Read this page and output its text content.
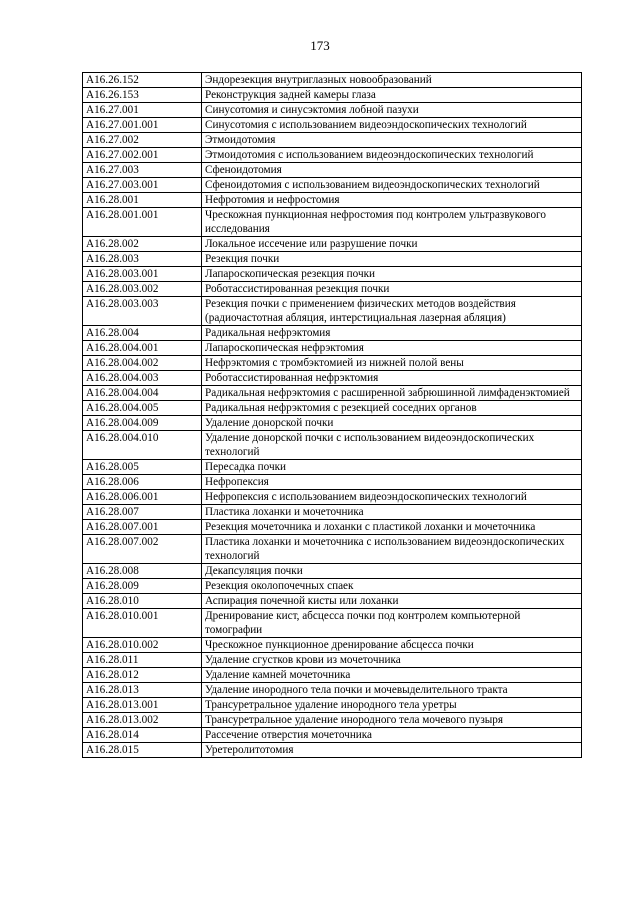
173
A16.26.152	Эндорезекция внутриглазных новообразований
A16.26.153	Реконструкция задней камеры глаза
A16.27.001	Синусотомия и синусэктомия лобной пазухи
A16.27.001.001	Синусотомия с использованием видеоэндоскопических технологий
A16.27.002	Этмоидотомия
A16.27.002.001	Этмоидотомия с использованием видеоэндоскопических технологий
A16.27.003	Сфеноидотомия
A16.27.003.001	Сфеноидотомия с использованием видеоэндоскопических технологий
A16.28.001	Нефротомия и нефростомия
A16.28.001.001	Чрескожная пункционная нефростомия под контролем ультразвукового исследования
A16.28.002	Локальное иссечение или разрушение почки
A16.28.003	Резекция почки
A16.28.003.001	Лапароскопическая резекция почки
A16.28.003.002	Роботассистированная резекция почки
A16.28.003.003	Резекция почки с применением физических методов воздействия (радиочастотная абляция, интерстициальная лазерная абляция)
A16.28.004	Радикальная нефрэктомия
A16.28.004.001	Лапароскопическая нефрэктомия
A16.28.004.002	Нефрэктомия с тромбэктомией из нижней полой вены
A16.28.004.003	Роботассистированная нефрэктомия
A16.28.004.004	Радикальная нефрэктомия с расширенной забрюшинной лимфаденэктомией
A16.28.004.005	Радикальная нефрэктомия с резекцией соседних органов
A16.28.004.009	Удаление донорской почки
A16.28.004.010	Удаление донорской почки с использованием видеоэндоскопических технологий
A16.28.005	Пересадка почки
A16.28.006	Нефропексия
A16.28.006.001	Нефропексия с использованием видеоэндоскопических технологий
A16.28.007	Пластика лоханки и мочеточника
A16.28.007.001	Резекция мочеточника и лоханки с пластикой лоханки и мочеточника
A16.28.007.002	Пластика лоханки и мочеточника с использованием видеоэндоскопических технологий
A16.28.008	Декапсуляция почки
A16.28.009	Резекция околопочечных спаек
A16.28.010	Аспирация почечной кисты или лоханки
A16.28.010.001	Дренирование кист, абсцесса почки под контролем компьютерной томографии
A16.28.010.002	Чрескожное пункционное дренирование абсцесса почки
A16.28.011	Удаление сгустков крови из мочеточника
A16.28.012	Удаление камней мочеточника
A16.28.013	Удаление инородного тела почки и мочевыделительного тракта
A16.28.013.001	Трансуретральное удаление инородного тела уретры
A16.28.013.002	Трансуретральное удаление инородного тела мочевого пузыря
A16.28.014	Рассечение отверстия мочеточника
A16.28.015	Уретеролитотомия
